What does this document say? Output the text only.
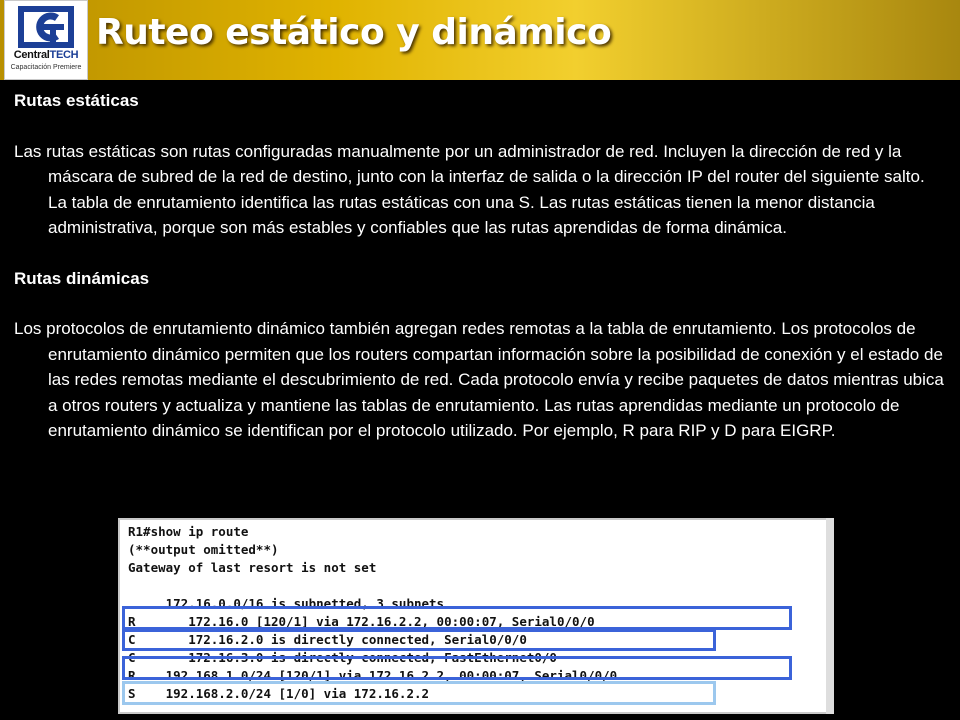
CentralTECH
Capacitación Premiere
Ruteo estático y dinámico

Rutas estáticas

Las rutas estáticas son rutas configuradas manualmente por un administrador de red. Incluyen la dirección de red y la máscara de subred de la red de destino, junto con la interfaz de salida o la dirección IP del router del siguiente salto. La tabla de enrutamiento identifica las rutas estáticas con una S. Las rutas estáticas tienen la menor distancia administrativa, porque son más estables y confiables que las rutas aprendidas de forma dinámica.

Rutas dinámicas

Los protocolos de enrutamiento dinámico también agregan redes remotas a la tabla de enrutamiento. Los protocolos de enrutamiento dinámico permiten que los routers compartan información sobre la posibilidad de conexión y el estado de las redes remotas mediante el descubrimiento de red. Cada protocolo envía y recibe paquetes de datos mientras ubica a otros routers y actualiza y mantiene las tablas de enrutamiento. Las rutas aprendidas mediante un protocolo de enrutamiento dinámico se identifican por el protocolo utilizado. Por ejemplo, R para RIP y D para EIGRP.

R1#show ip route
(**output omitted**)
Gateway of last resort is not set
172.16.0.0/16 is subnetted, 3 subnets
R       172.16.0 [120/1] via 172.16.2.2, 00:00:07, Serial0/0/0
C       172.16.2.0 is directly connected, Serial0/0/0
C       172.16.3.0 is directly connected, FastEthernet0/0
R    192.168.1.0/24 [120/1] via 172.16.2.2, 00:00:07, Serial0/0/0
S    192.168.2.0/24 [1/0] via 172.16.2.2
